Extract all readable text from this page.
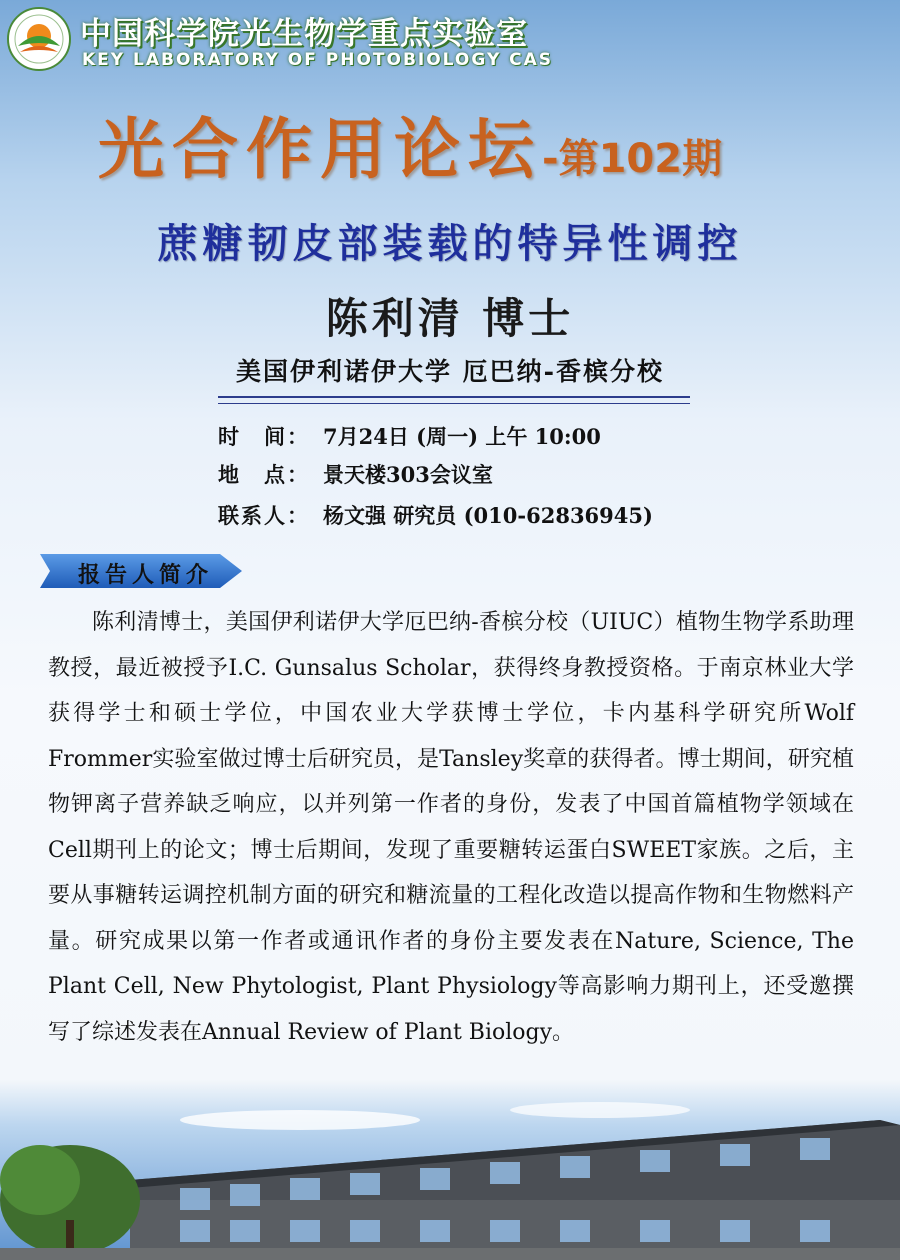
中国科学院光生物学重点实验室
KEY LABORATORY OF PHOTOBIOLOGY CAS
光合作用论坛-第102期
蔗糖韧皮部装载的特异性调控
陈利清 博士
美国伊利诺伊大学 厄巴纳-香槟分校
时　间： 7月24日 (周一) 上午 10:00
地　点： 景天楼303会议室
联系人： 杨文强 研究员 (010-62836945)
报告人简介

陈利清博士，美国伊利诺伊大学厄巴纳-香槟分校（UIUC）植物生物学系助理教授，最近被授予I.C. Gunsalus Scholar，获得终身教授资格。于南京林业大学获得学士和硕士学位，中国农业大学获博士学位，卡内基科学研究所Wolf Frommer实验室做过博士后研究员，是Tansley奖章的获得者。博士期间，研究植物钾离子营养缺乏响应，以并列第一作者的身份，发表了中国首篇植物学领域在Cell期刊上的论文；博士后期间，发现了重要糖转运蛋白SWEET家族。之后，主要从事糖转运调控机制方面的研究和糖流量的工程化改造以提高作物和生物燃料产量。研究成果以第一作者或通讯作者的身份主要发表在Nature, Science, The Plant Cell, New Phytologist, Plant Physiology等高影响力期刊上，还受邀撰写了综述发表在Annual Review of Plant Biology。
